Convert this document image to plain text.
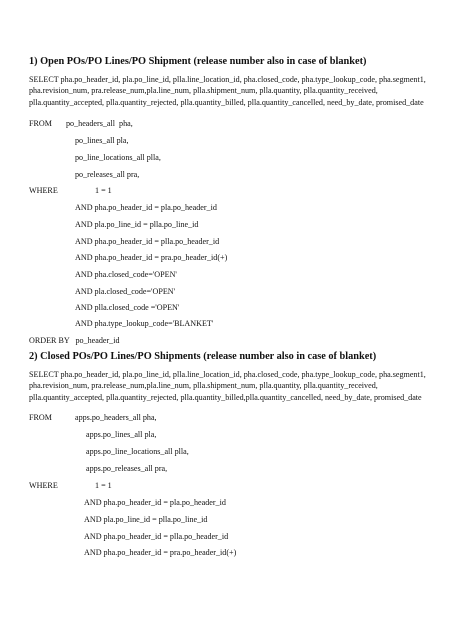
1) Open POs/PO Lines/PO Shipment (release number also in case of blanket)
SELECT pha.po_header_id, pla.po_line_id, plla.line_location_id, pha.closed_code, pha.type_lookup_code, pha.segment1, pha.revision_num, pra.release_num,pla.line_num, plla.shipment_num, plla.quantity, plla.quantity_received, plla.quantity_accepted, plla.quantity_rejected, plla.quantity_billed, plla.quantity_cancelled, need_by_date, promised_date
FROM po_headers_all  pha,
po_lines_all pla,
po_line_locations_all plla,
po_releases_all pra,
WHERE	1 = 1
AND pha.po_header_id = pla.po_header_id
AND pla.po_line_id = plla.po_line_id
AND pha.po_header_id = plla.po_header_id
AND pha.po_header_id = pra.po_header_id(+)
AND pha.closed_code='OPEN'
AND pla.closed_code='OPEN'
AND plla.closed_code ='OPEN'
AND pha.type_lookup_code='BLANKET'
ORDER BY   po_header_id
2) Closed POs/PO Lines/PO Shipments (release number also in case of blanket)
SELECT pha.po_header_id, pla.po_line_id, plla.line_location_id, pha.closed_code, pha.type_lookup_code, pha.segment1, pha.revision_num, pra.release_num,pla.line_num, plla.shipment_num, plla.quantity, plla.quantity_received, plla.quantity_accepted, plla.quantity_rejected, plla.quantity_billed,plla.quantity_cancelled, need_by_date, promised_date
FROM	apps.po_headers_all pha,
apps.po_lines_all pla,
apps.po_line_locations_all plla,
apps.po_releases_all pra,
WHERE	1 = 1
AND pha.po_header_id = pla.po_header_id
AND pla.po_line_id = plla.po_line_id
AND pha.po_header_id = plla.po_header_id
AND pha.po_header_id = pra.po_header_id(+)
